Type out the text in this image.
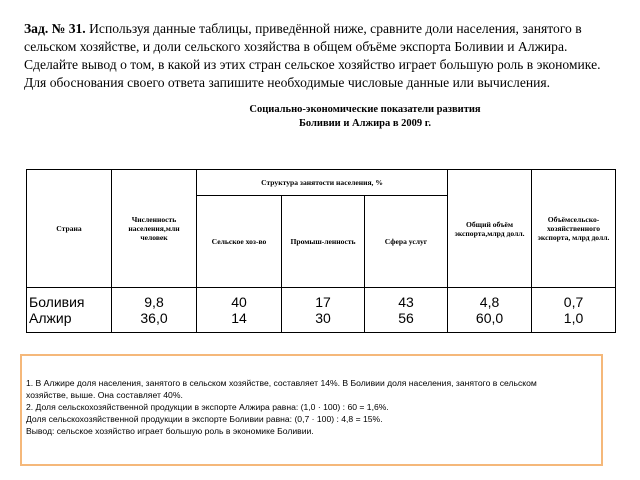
Зад. № 31. Используя данные таблицы, приведённой ниже, сравните доли населения, занятого в сельском хозяйстве, и доли сельского хозяйства в общем объёме экспорта Боливии и Алжира. Сделайте вывод о том, в какой из этих стран сельское хозяйство играет большую роль в экономике. Для обоснования своего ответа запишите необходимые числовые данные или вычисления.
Социально-экономические показатели развития
Боливии и Алжира в 2009 г.
Страна	Численность населения,млн человек	Структура занятости населения, %			Общий объём экспорта,млрд долл.	Объёмсельско-хозяйственного экспорта, млрд долл.
		Сельское хоз-во	Промыш-ленность	Сфера услуг		
Боливия	9,8	40	17	43	4,8	0,7
Алжир	36,0	14	30	56	60,0	1,0
1. В Алжире доля населения, занятого в сельском хозяйстве, составляет 14%. В Боливии доля населения, занятого в сельском
хозяйстве, выше. Она составляет 40%.
2. Доля сельскохозяйственной продукции в экспорте Алжира равна: (1,0 · 100) : 60 = 1,6%.
Доля сельскохозяйственной продукции в экспорте Боливии равна: (0,7 · 100) : 4,8 = 15%.
Вывод: сельское хозяйство играет большую роль в экономике Боливии.
